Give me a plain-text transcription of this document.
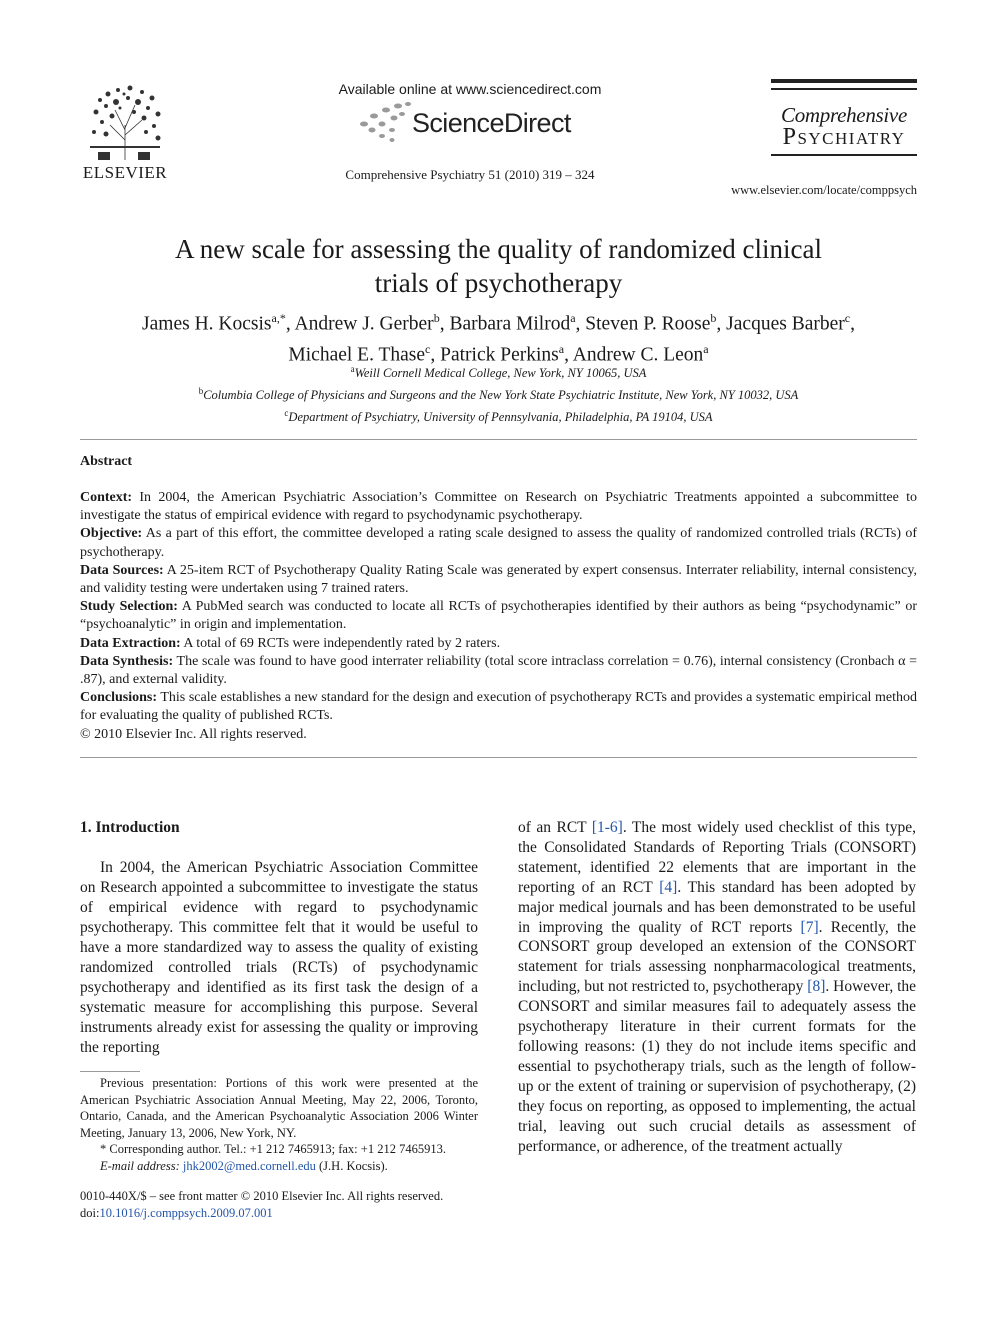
ELSEVIER
Available online at www.sciencedirect.com
ScienceDirect
Comprehensive Psychiatry 51 (2010) 319 – 324
Comprehensive
Psychiatry
www.elsevier.com/locate/comppsych
A new scale for assessing the quality of randomized clinical
trials of psychotherapy
James H. Kocsis$^{a,*}$, Andrew J. Gerber$^b$, Barbara Milrod$^a$, Steven P. Roose$^b$, Jacques Barber$^c$,
Michael E. Thase$^c$, Patrick Perkins$^a$, Andrew C. Leon$^a$
$^a$Weill Cornell Medical College, New York, NY 10065, USA
$^b$Columbia College of Physicians and Surgeons and the New York State Psychiatric Institute, New York, NY 10032, USA
$^c$Department of Psychiatry, University of Pennsylvania, Philadelphia, PA 19104, USA
Abstract

Context: In 2004, the American Psychiatric Association’s Committee on Research on Psychiatric Treatments appointed a subcommittee to investigate the status of empirical evidence with regard to psychodynamic psychotherapy.

Objective: As a part of this effort, the committee developed a rating scale designed to assess the quality of randomized controlled trials (RCTs) of psychotherapy.

Data Sources: A 25-item RCT of Psychotherapy Quality Rating Scale was generated by expert consensus. Interrater reliability, internal consistency, and validity testing were undertaken using 7 trained raters.

Study Selection: A PubMed search was conducted to locate all RCTs of psychotherapies identified by their authors as being “psychodynamic” or “psychoanalytic” in origin and implementation.

Data Extraction: A total of 69 RCTs were independently rated by 2 raters.

Data Synthesis: The scale was found to have good interrater reliability (total score intraclass correlation = 0.76), internal consistency (Cronbach α = .87), and external validity.

Conclusions: This scale establishes a new standard for the design and execution of psychotherapy RCTs and provides a systematic empirical method for evaluating the quality of published RCTs.

© 2010 Elsevier Inc. All rights reserved.

1. Introduction

In 2004, the American Psychiatric Association Committee on Research appointed a subcommittee to investigate the status of empirical evidence with regard to psychodynamic psychotherapy. This committee felt that it would be useful to have a more standardized way to assess the quality of existing randomized controlled trials (RCTs) of psychodynamic psychotherapy and identified as its first task the design of a systematic measure for accomplishing this purpose. Several instruments already exist for assessing the quality or improving the reporting

of an RCT [1-6]. The most widely used checklist of this type, the Consolidated Standards of Reporting Trials (CONSORT) statement, identified 22 elements that are important in the reporting of an RCT [4]. This standard has been adopted by major medical journals and has been demonstrated to be useful in improving the quality of RCT reports [7]. Recently, the CONSORT group developed an extension of the CONSORT statement for trials assessing nonpharmacological treatments, including, but not restricted to, psychotherapy [8]. However, the CONSORT and similar measures fail to adequately assess the psychotherapy literature in their current formats for the following reasons: (1) they do not include items specific and essential to psychotherapy trials, such as the length of follow-up or the extent of training or supervision of psychotherapy, (2) they focus on reporting, as opposed to implementing, the actual trial, leaving out such crucial details as assessment of performance, or adherence, of the treatment actually

Previous presentation: Portions of this work were presented at the American Psychiatric Association Annual Meeting, May 22, 2006, Toronto, Ontario, Canada, and the American Psychoanalytic Association 2006 Winter Meeting, January 13, 2006, New York, NY.

* Corresponding author. Tel.: +1 212 7465913; fax: +1 212 7465913.

E-mail address: jhk2002@med.cornell.edu (J.H. Kocsis).

0010-440X/$ – see front matter © 2010 Elsevier Inc. All rights reserved.
doi:10.1016/j.comppsych.2009.07.001
